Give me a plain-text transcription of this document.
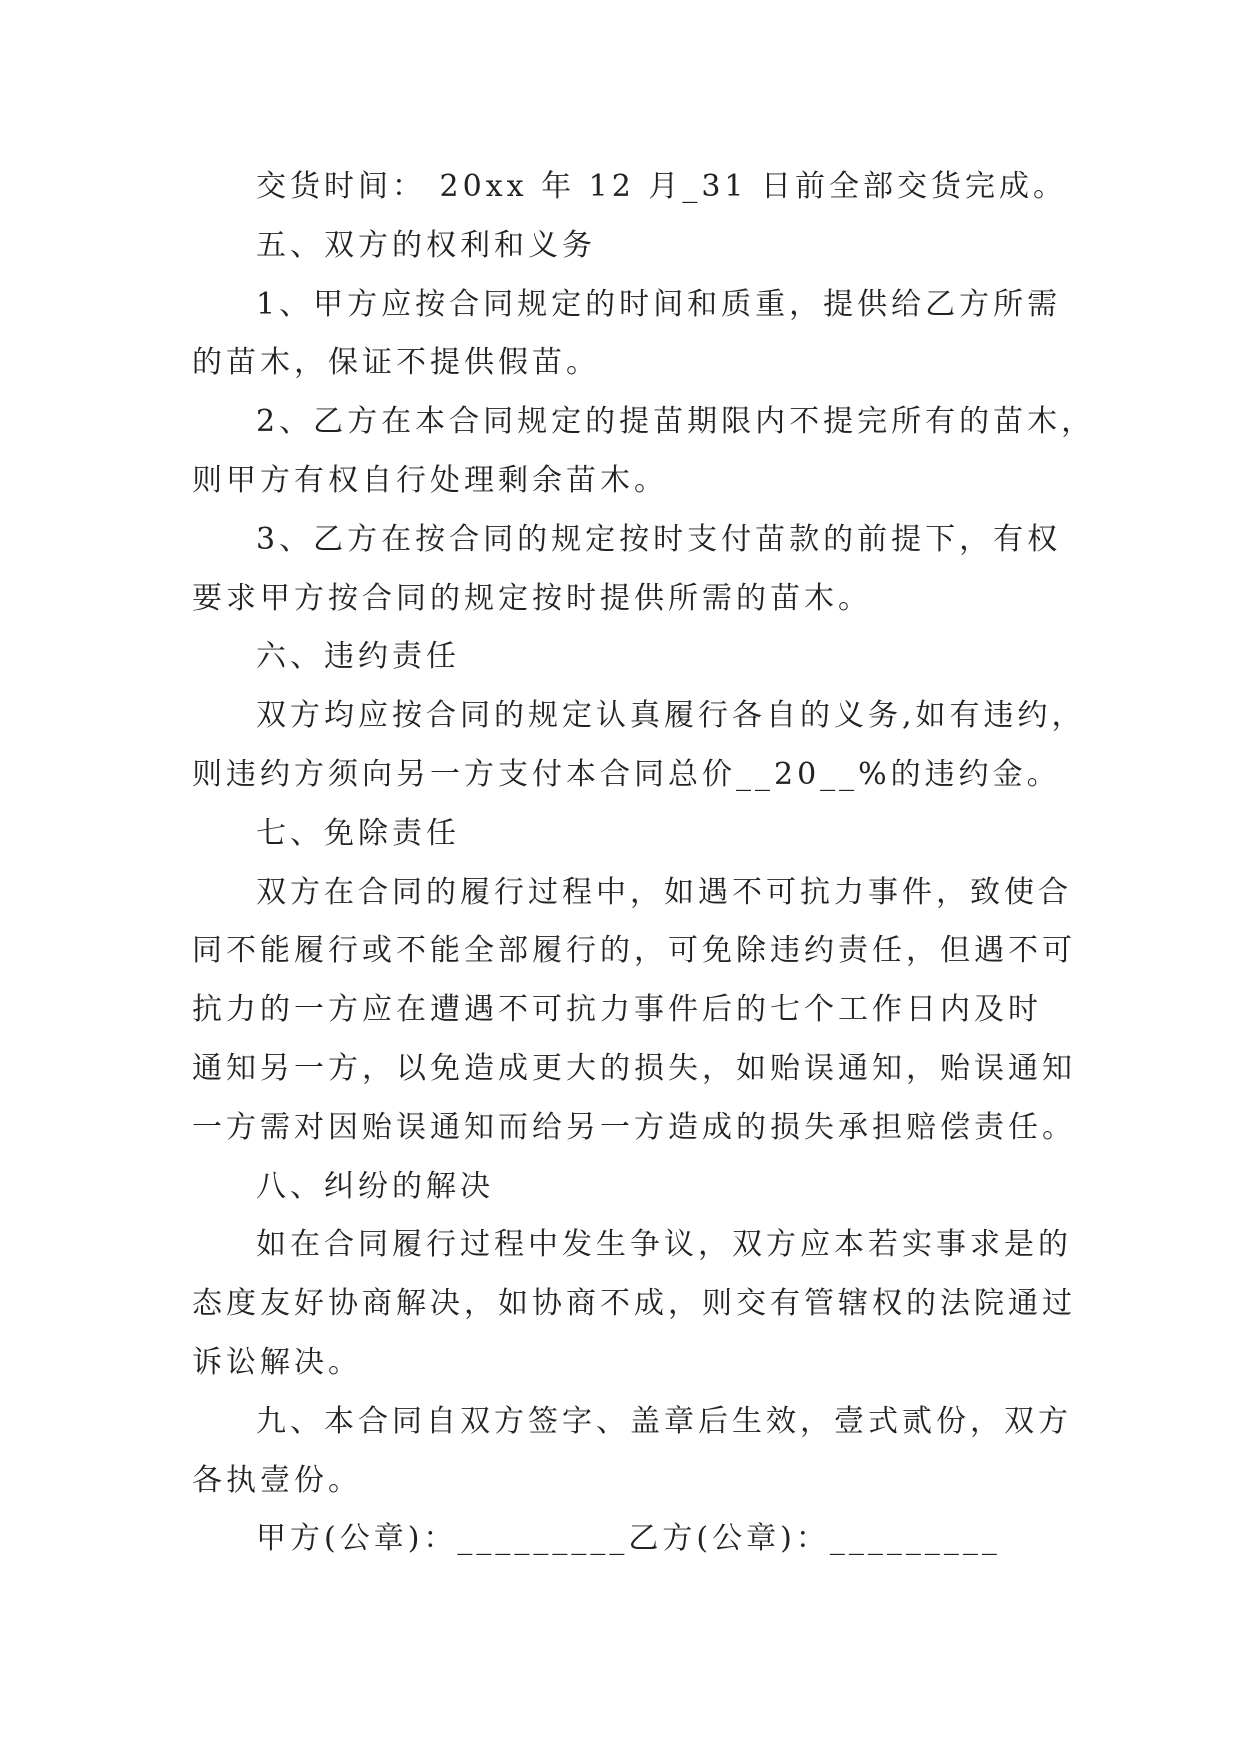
交货时间： 20xx 年 12 月_31 日前全部交货完成。
五、双方的权利和义务
1、甲方应按合同规定的时间和质重，提供给乙方所需
的苗木，保证不提供假苗。
2、乙方在本合同规定的提苗期限内不提完所有的苗木，
则甲方有权自行处理剩余苗木。
3、乙方在按合同的规定按时支付苗款的前提下，有权
要求甲方按合同的规定按时提供所需的苗木。
六、违约责任
双方均应按合同的规定认真履行各自的义务,如有违约，
则违约方须向另一方支付本合同总价__20__%的违约金。
七、免除责任
双方在合同的履行过程中，如遇不可抗力事件，致使合
同不能履行或不能全部履行的，可免除违约责任，但遇不可
抗力的一方应在遭遇不可抗力事件后的七个工作日内及时
通知另一方，以免造成更大的损失，如贻误通知，贻误通知
一方需对因贻误通知而给另一方造成的损失承担赔偿责任。
八、纠纷的解决
如在合同履行过程中发生争议，双方应本若实事求是的
态度友好协商解决，如协商不成，则交有管辖权的法院通过
诉讼解决。
九、本合同自双方签字、盖章后生效，壹式贰份，双方
各执壹份。
甲方(公章)：_________乙方(公章)：_________
